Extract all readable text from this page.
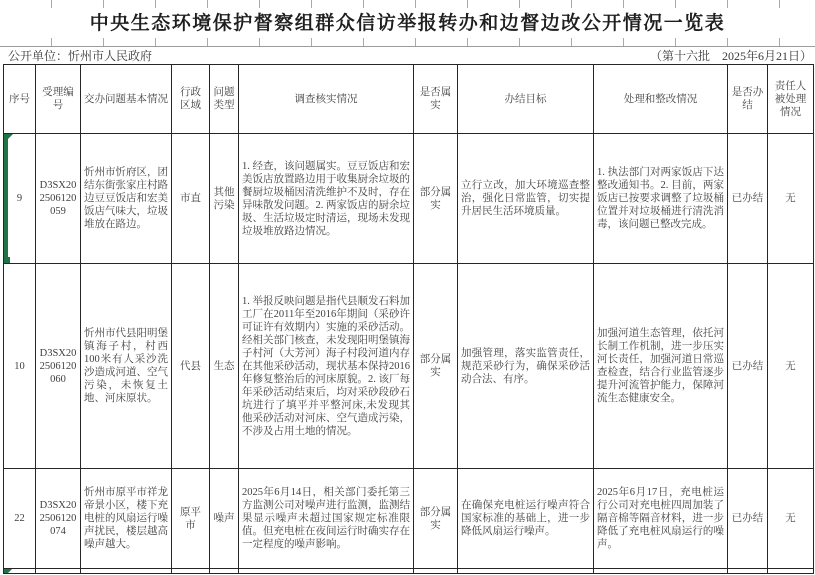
中央生态环境保护督察组群众信访举报转办和边督边改公开情况一览表
公开单位：忻州市人民政府	（第十六批　2025年6月21日）
序号	受理编号	交办问题基本情况	行政区域	问题类型	调查核实情况	是否属实	办结目标	处理和整改情况	是否办结	责任人被处理情况

9	D3SX202506120059	忻州市忻府区，团结东街张家庄村路边豆豆饭店和宏美饭店气味大，垃圾堆放在路边。	市直	其他污染	1. 经查，该问题属实。豆豆饭店和宏美饭店放置路边用于收集厨余垃圾的餐厨垃圾桶因清洗维护不及时，存在异味散发问题。2. 两家饭店的厨余垃圾、生活垃圾定时清运，现场未发现垃圾堆放路边情况。	部分属实	立行立改，加大环境巡查整治，强化日常监管，切实提升居民生活环境质量。	1. 执法部门对两家饭店下达整改通知书。2. 目前，两家饭店已按要求调整了垃圾桶位置并对垃圾桶进行清洗消毒，该问题已整改完成。	已办结	无
10	D3SX202506120060	忻州市代县阳明堡镇海子村，村西100米有人采沙洗沙造成河道、空气污染，未恢复土地、河床原状。	代县	生态	1. 举报反映问题是指代县顺发石料加工厂在2011年至2016年期间（采砂许可证许有效期内）实施的采砂活动。经相关部门核查，未发现阳明堡镇海子村河（大芳河）海子村段河道内存在其他采砂活动，现状基本保持2016年修复整治后的河床原貌。2. 该厂每年采砂活动结束后，均对采砂段砂石坑进行了填平并平整河床,未发现其他采砂活动对河床、空气造成污染，不涉及占用土地的情况。	部分属实	加强管理，落实监管责任，规范采砂行为，确保采砂活动合法、有序。	加强河道生态管理，依托河长制工作机制，进一步压实河长责任，加强河道日常巡查检查，结合行业监管逐步提升河流管护能力，保障河流生态健康安全。	已办结	无
22	D3SX202506120074	忻州市原平市祥龙帝景小区，楼下充电桩的风扇运行噪声扰民，楼层越高噪声越大。	原平市	噪声	2025年6月14日，相关部门委托第三方监测公司对噪声进行监测，监测结果显示噪声未超过国家规定标准限值。但充电桩在夜间运行时确实存在一定程度的噪声影响。	部分属实	在确保充电桩运行噪声符合国家标准的基础上，进一步降低风扇运行噪声。	2025年6月17日，充电桩运行公司对充电桩四周加装了隔音棉等隔音材料，进一步降低了充电桩风扇运行的噪声。	已办结	无
